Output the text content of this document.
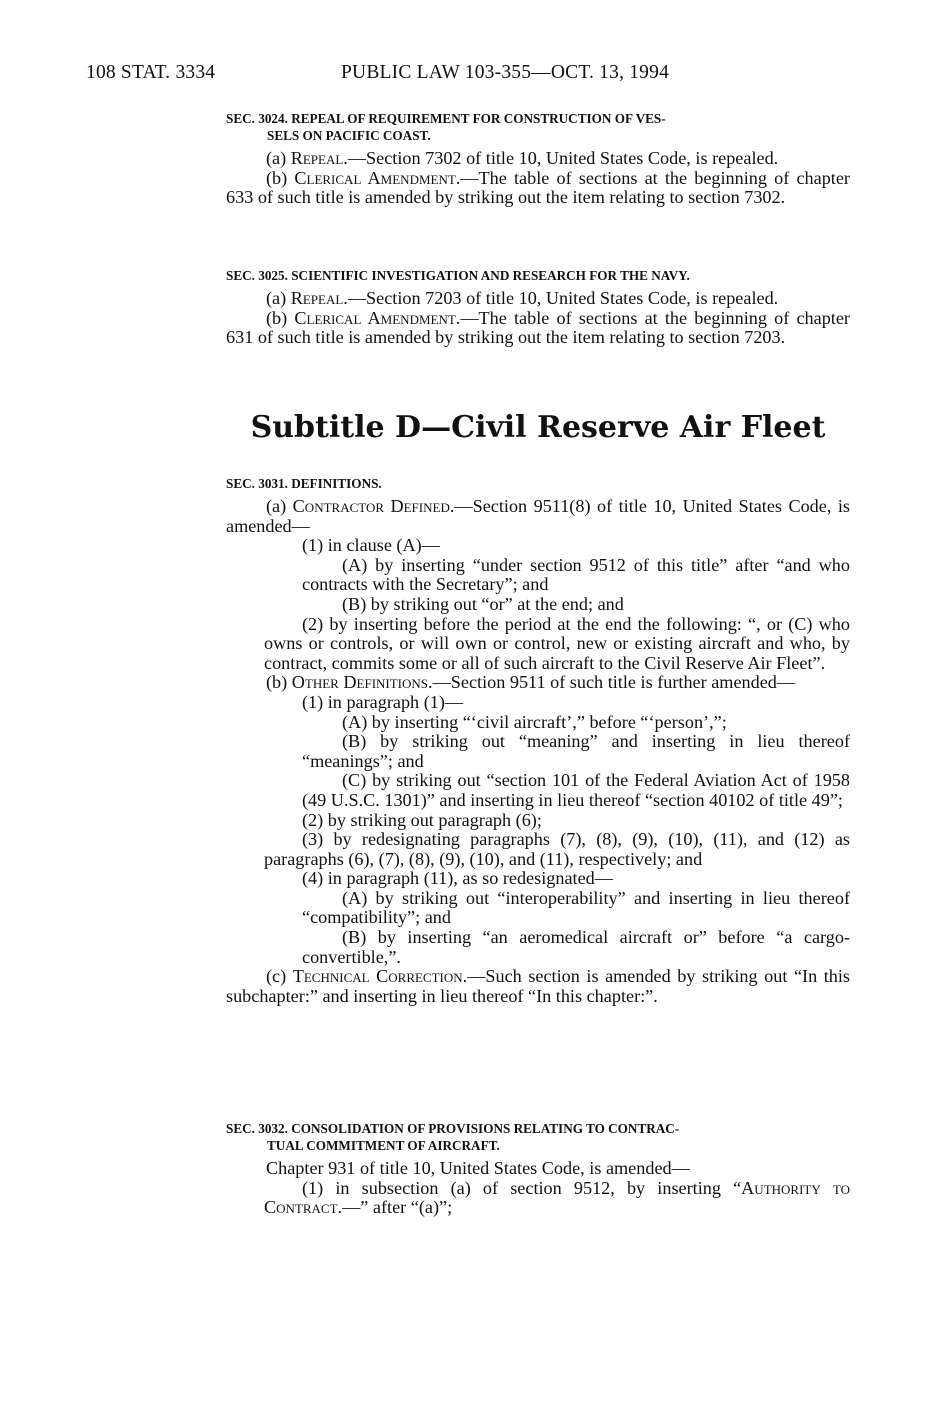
108 STAT. 3334	PUBLIC LAW 103-355—OCT. 13, 1994
SEC. 3024. REPEAL OF REQUIREMENT FOR CONSTRUCTION OF VES-
SELS ON PACIFIC COAST.

(a) Repeal.—Section 7302 of title 10, United States Code, is repealed.

(b) Clerical Amendment.—The table of sections at the beginning of chapter 633 of such title is amended by striking out the item relating to section 7302.

SEC. 3025. SCIENTIFIC INVESTIGATION AND RESEARCH FOR THE NAVY.

(a) Repeal.—Section 7203 of title 10, United States Code, is repealed.

(b) Clerical Amendment.—The table of sections at the beginning of chapter 631 of such title is amended by striking out the item relating to section 7203.

Subtitle D—Civil Reserve Air Fleet
SEC. 3031. DEFINITIONS.

(a) Contractor Defined.—Section 9511(8) of title 10, United States Code, is amended—

(1) in clause (A)—

(A) by inserting “under section 9512 of this title” after “and who contracts with the Secretary”; and

(B) by striking out “or” at the end; and

(2) by inserting before the period at the end the following: “, or (C) who owns or controls, or will own or control, new or existing aircraft and who, by contract, commits some or all of such aircraft to the Civil Reserve Air Fleet”.

(b) Other Definitions.—Section 9511 of such title is further amended—

(1) in paragraph (1)—

(A) by inserting “‘civil aircraft’,” before “‘person’,”;

(B) by striking out “meaning” and inserting in lieu thereof “meanings”; and

(C) by striking out “section 101 of the Federal Aviation Act of 1958 (49 U.S.C. 1301)” and inserting in lieu thereof “section 40102 of title 49”;

(2) by striking out paragraph (6);

(3) by redesignating paragraphs (7), (8), (9), (10), (11), and (12) as paragraphs (6), (7), (8), (9), (10), and (11), respectively; and

(4) in paragraph (11), as so redesignated—

(A) by striking out “interoperability” and inserting in lieu thereof “compatibility”; and

(B) by inserting “an aeromedical aircraft or” before “a cargo-convertible,”.

(c) Technical Correction.—Such section is amended by striking out “In this subchapter:” and inserting in lieu thereof “In this chapter:”.

SEC. 3032. CONSOLIDATION OF PROVISIONS RELATING TO CONTRAC-
TUAL COMMITMENT OF AIRCRAFT.

Chapter 931 of title 10, United States Code, is amended—

(1) in subsection (a) of section 9512, by inserting “Authority to Contract.—” after “(a)”;
